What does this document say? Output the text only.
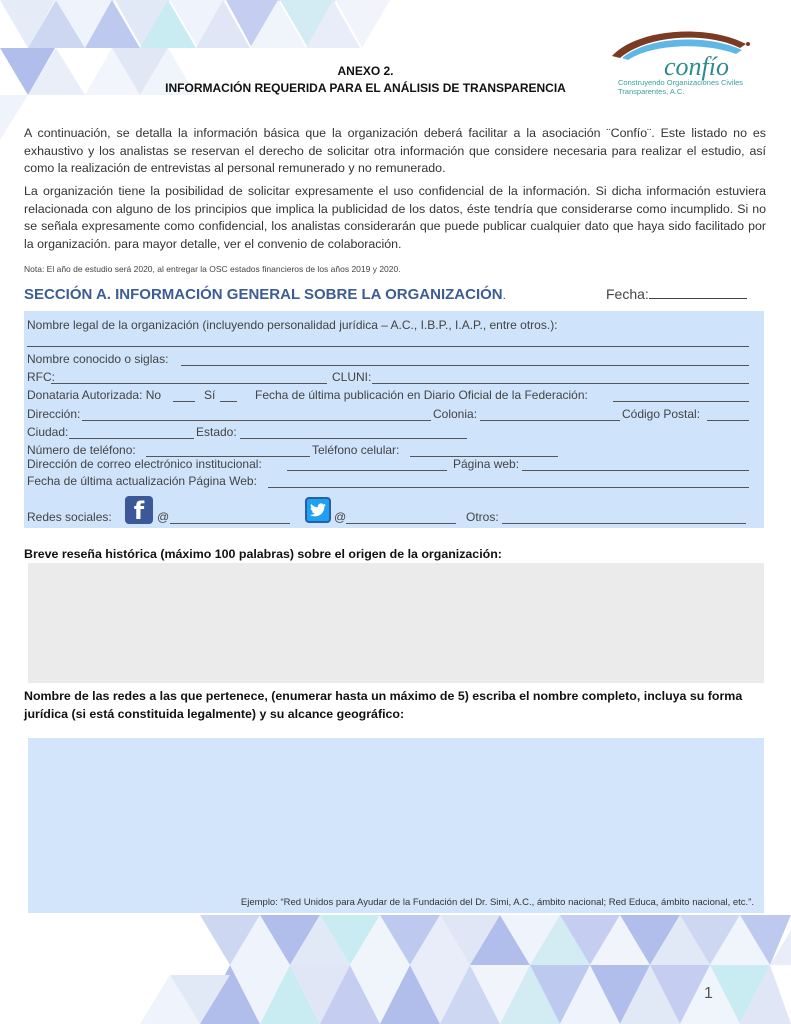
ANEXO 2.
INFORMACIÓN REQUERIDA PARA EL ANÁLISIS DE TRANSPARENCIA
confío
Construyendo Organizaciones Civiles Transparentes, A.C.
A continuación, se detalla la información básica que la organización deberá facilitar a la asociación ¨Confío¨. Este listado no es exhaustivo y los analistas se reservan el derecho de solicitar otra información que considere necesaria para realizar el estudio, así como la realización de entrevistas al personal remunerado y no remunerado.
La organización tiene la posibilidad de solicitar expresamente el uso confidencial de la información. Si dicha información estuviera relacionada con alguno de los principios que implica la publicidad de los datos, éste tendría que considerarse como incumplido. Si no se señala expresamente como confidencial, los analistas considerarán que puede publicar cualquier dato que haya sido facilitado por la organización. para mayor detalle, ver el convenio de colaboración.
Nota: El año de estudio será 2020, al entregar la OSC estados financieros de los años 2019 y 2020.
SECCIÓN A. INFORMACIÓN GENERAL SOBRE LA ORGANIZACIÓN.	Fecha:
Nombre legal de la organización (incluyendo personalidad jurídica – A.C., I.B.P., I.A.P., entre otros.):
Nombre conocido o siglas:
RFC:	CLUNI:
Donataria Autorizada: No	Sí	Fecha de última publicación en Diario Oficial de la Federación:
Dirección:	Colonia:	Código Postal:
Ciudad:	Estado:
Número de teléfono:	Teléfono celular:
Dirección de correo electrónico institucional:	Página web:
Fecha de última actualización Página Web:
Redes sociales: f	@	@	Otros:
Breve reseña histórica (máximo 100 palabras) sobre el origen de la organización:
Nombre de las redes a las que pertenece, (enumerar hasta un máximo de 5) escriba el nombre completo, incluya su forma jurídica (si está constituida legalmente) y su alcance geográfico:
Ejemplo: “Red Unidos para Ayudar de la Fundación del Dr. Simi, A.C., ámbito nacional; Red Educa, ámbito nacional, etc.”.
1
